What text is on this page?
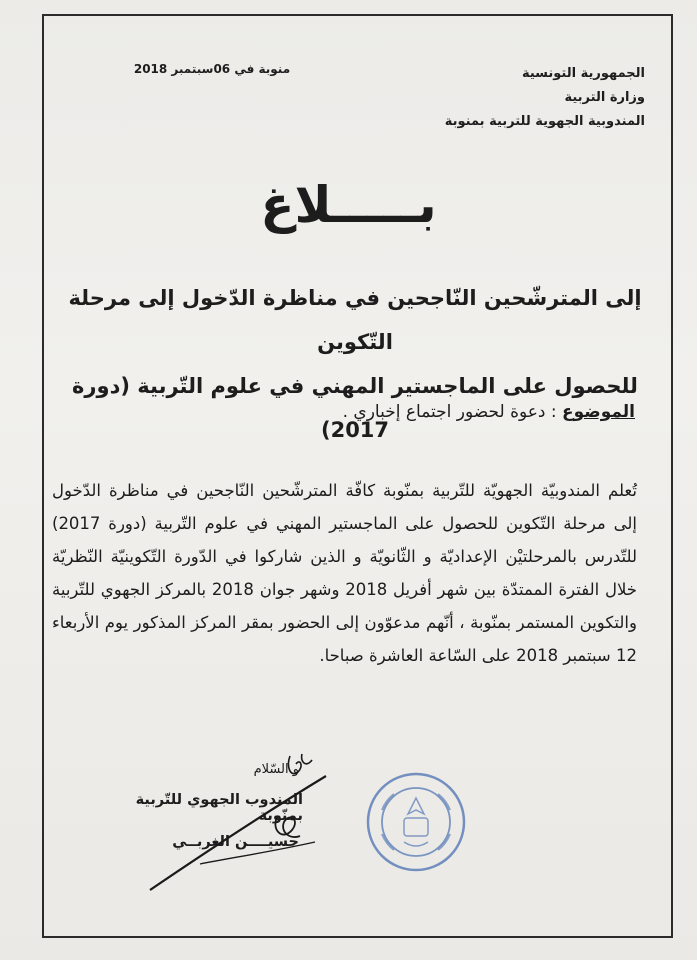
الجمهورية التونسية
وزارة التربية
المندوبية الجهوية للتربية بمنوبة
منوبة في 06سبتمبر 2018
بـــــلاغ
إلى المترشّحين النّاجحين في مناظرة الدّخول إلى مرحلة التّكوين
للحصول على الماجستير المهني في علوم التّربية (دورة 2017)
الموضوع : دعوة لحضور اجتماع إخباري .
تُعلم المندوبيّة الجهويّة للتّربية بمنّوبة كافّة المترشّحين النّاجحين في مناظرة الدّخول إلى مرحلة التّكوين للحصول على الماجستير المهني في علوم التّربية (دورة 2017) للتّدرس بالمرحلتيْن الإعداديّة و الثّانويّة و الذين شاركوا في الدّورة التّكوينيّة النّظريّة خلال الفترة الممتدّة بين شهر أفريل 2018 وشهر جوان 2018 بالمركز الجهوي للتّربية والتكوين المستمر بمنّوبة ، أنّهم مدعوّون إلى الحضور بمقر المركز المذكور يوم الأربعاء 12 سبتمبر 2018 على السّاعة العاشرة صباحا.
و السّلام
المندوب الجهوي للتّربية بمنّوبة
حسيــــن الغربــي
